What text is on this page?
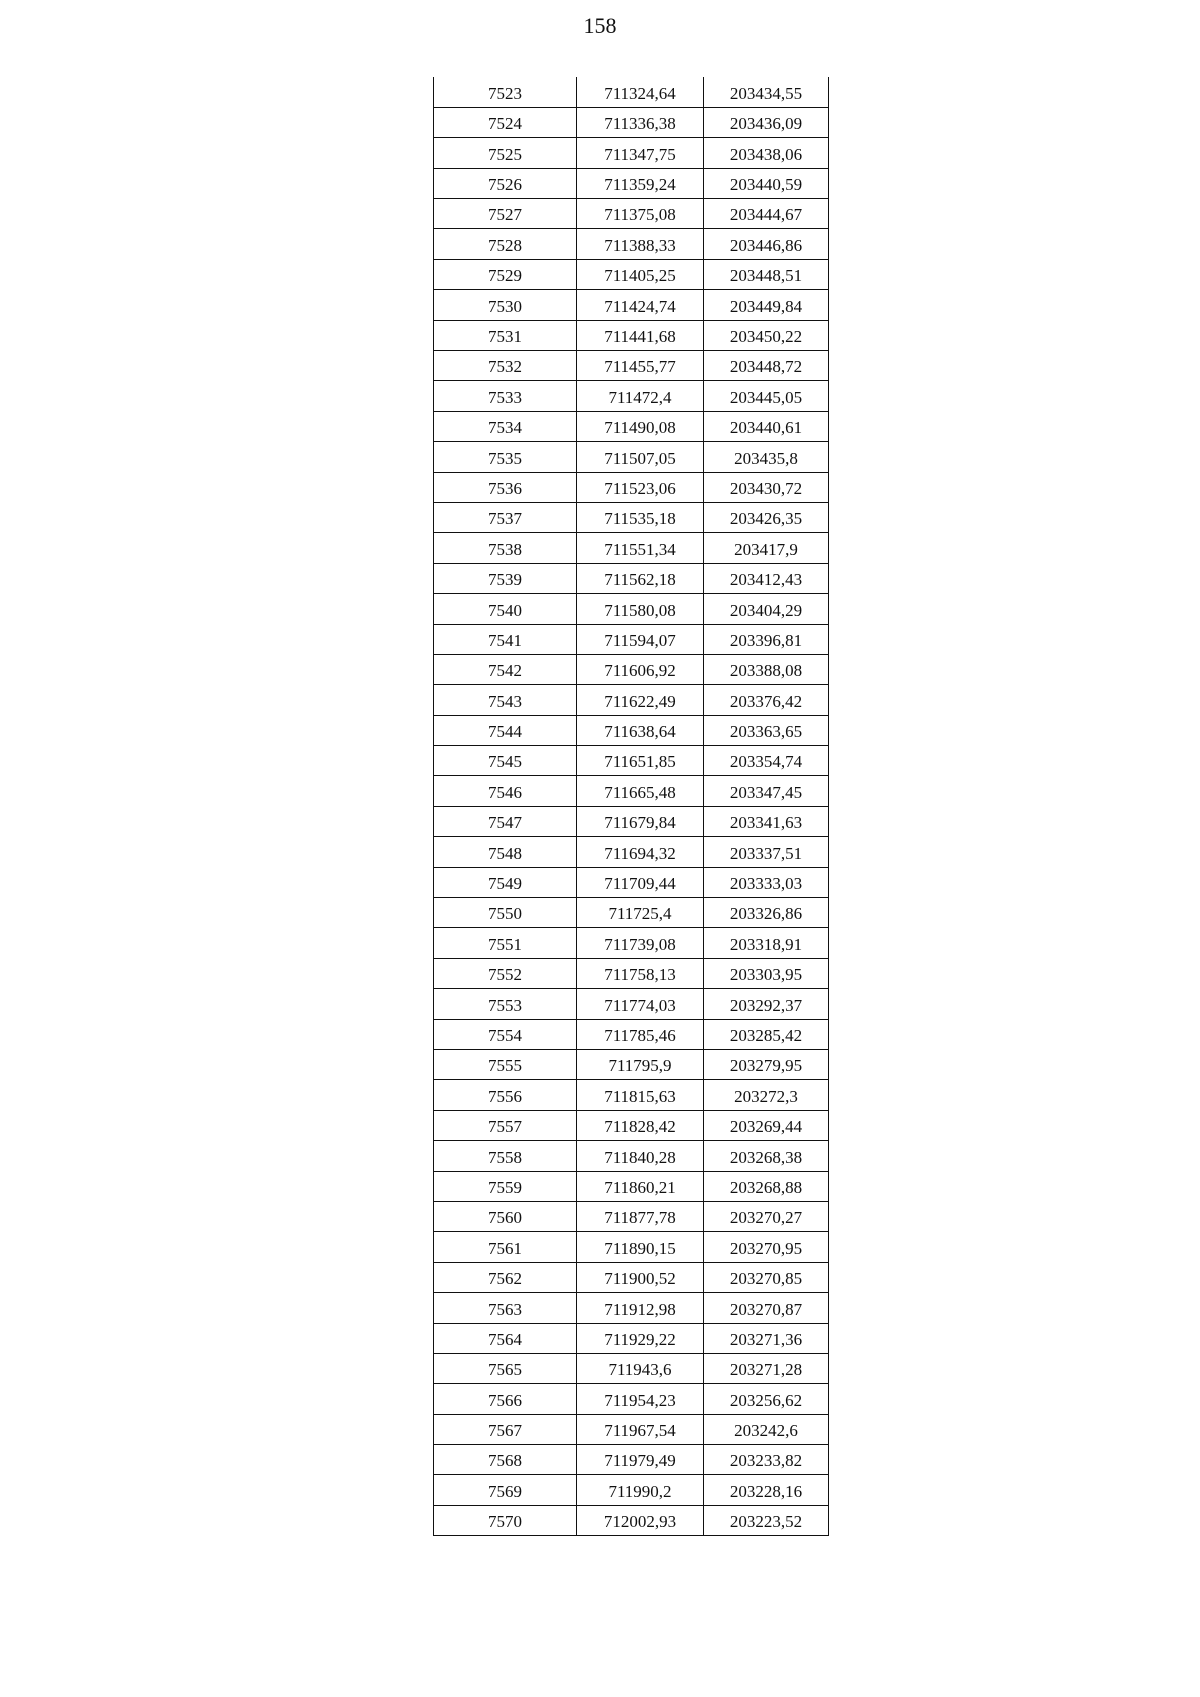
158
7523	711324,64	203434,55
7524	711336,38	203436,09
7525	711347,75	203438,06
7526	711359,24	203440,59
7527	711375,08	203444,67
7528	711388,33	203446,86
7529	711405,25	203448,51
7530	711424,74	203449,84
7531	711441,68	203450,22
7532	711455,77	203448,72
7533	711472,4	203445,05
7534	711490,08	203440,61
7535	711507,05	203435,8
7536	711523,06	203430,72
7537	711535,18	203426,35
7538	711551,34	203417,9
7539	711562,18	203412,43
7540	711580,08	203404,29
7541	711594,07	203396,81
7542	711606,92	203388,08
7543	711622,49	203376,42
7544	711638,64	203363,65
7545	711651,85	203354,74
7546	711665,48	203347,45
7547	711679,84	203341,63
7548	711694,32	203337,51
7549	711709,44	203333,03
7550	711725,4	203326,86
7551	711739,08	203318,91
7552	711758,13	203303,95
7553	711774,03	203292,37
7554	711785,46	203285,42
7555	711795,9	203279,95
7556	711815,63	203272,3
7557	711828,42	203269,44
7558	711840,28	203268,38
7559	711860,21	203268,88
7560	711877,78	203270,27
7561	711890,15	203270,95
7562	711900,52	203270,85
7563	711912,98	203270,87
7564	711929,22	203271,36
7565	711943,6	203271,28
7566	711954,23	203256,62
7567	711967,54	203242,6
7568	711979,49	203233,82
7569	711990,2	203228,16
7570	712002,93	203223,52
